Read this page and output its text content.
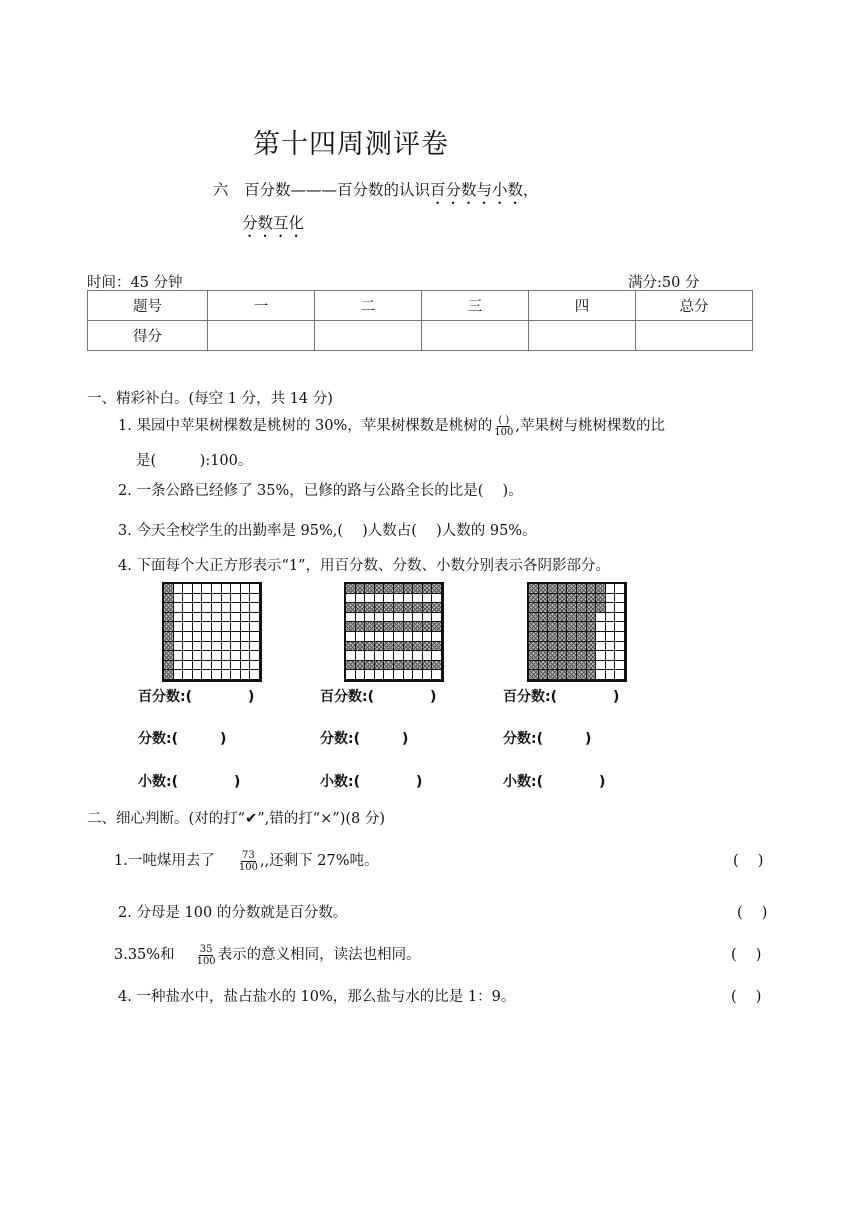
第十四周测评卷
六　百分数———百分数的认识百分数与小数，
分数互化
时间：45 分钟	满分:50 分
题号	一	二	三	四	总分
得分					
一、精彩补白。(每空 1 分，共 14 分)
1. 果园中苹果树棵数是桃树的 30%，苹果树棵数是桃树的 $\frac{( )}{100}$ ,苹果树与桃树棵数的比
是(　　　):100。
2. 一条公路已经修了 35%，已修的路与公路全长的比是(　 )。
3. 今天全校学生的出勤率是 95%,(　 )人数占(　 )人数的 95%。
4. 下面每个大正方形表示“1”，用百分数、分数、小数分别表示各阴影部分。
百分数:(　　　　)	百分数:(　　　　)	百分数:(　　　　)
分数:(　　　)	分数:(　　　)	分数:(　　　)
小数:(　　　　)	小数:(　　　　)	小数:(　　　　)
二、细心判断。(对的打“✔”,错的打“×”)(8 分)
1.一吨煤用去了 $\frac{73}{100}$ ,,还剩下 27%吨。	(　 )
2. 分母是 100 的分数就是百分数。	(　 )
3.35%和 $\frac{35}{100}$ 表示的意义相同，读法也相同。	(　 )
4. 一种盐水中，盐占盐水的 10%，那么盐与水的比是 1：9。	(　 )
